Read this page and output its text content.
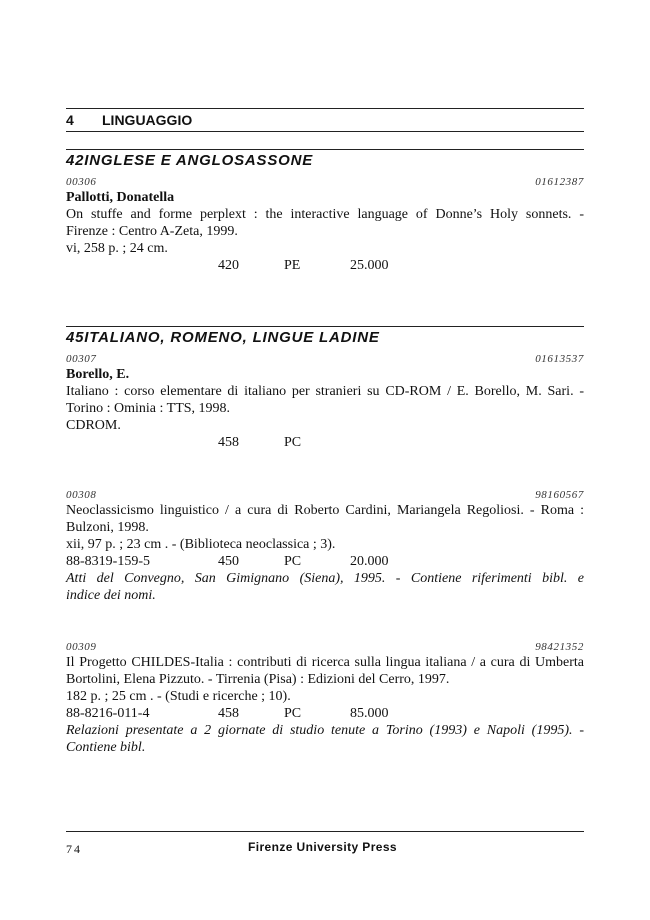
4 LINGUAGGIO
42INGLESE E ANGLOSASSONE
00306	01612387
Pallotti, Donatella
On stuffe and forme perplext : the interactive language of Donne’s Holy sonnets. -
Firenze : Centro A-Zeta, 1999.
vi, 258 p. ; 24 cm.
420	PE	25.000
45ITALIANO, ROMENO, LINGUE LADINE
00307	01613537
Borello, E.
Italiano : corso elementare di italiano per stranieri su CD-ROM / E. Borello, M. Sari. -
Torino : Ominia : TTS, 1998.
CDROM.
458	PC
00308	98160567
Neoclassicismo linguistico / a cura di Roberto Cardini, Mariangela Regoliosi. - Roma :
Bulzoni, 1998.
xii, 97 p. ; 23 cm . - (Biblioteca neoclassica ; 3).
88-8319-159-5	450	PC	20.000
Atti del Convegno, San Gimignano (Siena), 1995. - Contiene riferimenti bibl. e
indice dei nomi.
00309	98421352
Il Progetto CHILDES-Italia : contributi di ricerca sulla lingua italiana / a cura di Umberta
Bortolini, Elena Pizzuto. - Tirrenia (Pisa) : Edizioni del Cerro, 1997.
182 p. ; 25 cm . - (Studi e ricerche ; 10).
88-8216-011-4	458	PC	85.000
Relazioni presentate a 2 giornate di studio tenute a Torino (1993) e Napoli (1995). -
Contiene bibl.
74	Firenze University Press
